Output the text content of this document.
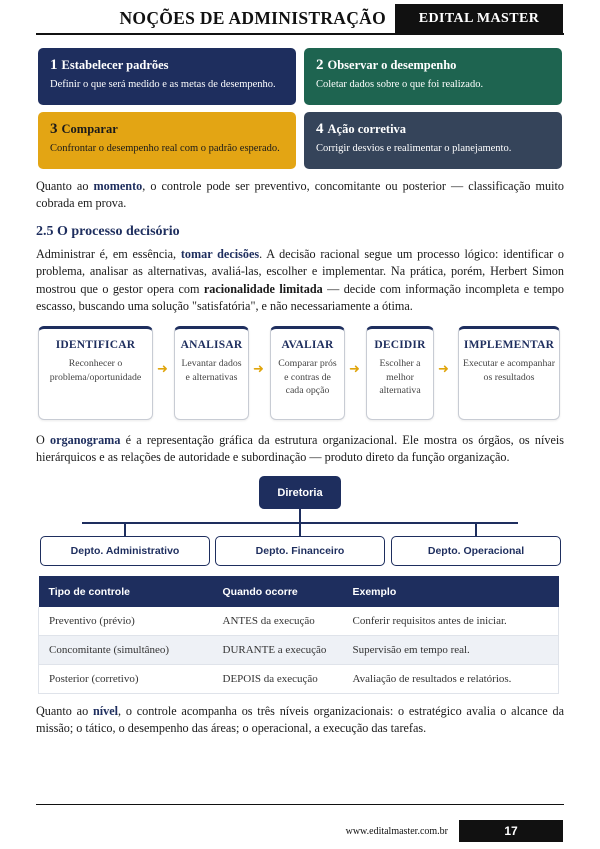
NOÇÕES DE ADMINISTRAÇÃO	EDITAL MASTER
1 Estabelecer padrões
Definir o que será medido e as metas de desempenho.
2 Observar o desempenho
Coletar dados sobre o que foi realizado.
3 Comparar
Confrontar o desempenho real com o padrão esperado.
4 Ação corretiva
Corrigir desvios e realimentar o planejamento.
Quanto ao momento, o controle pode ser preventivo, concomitante ou posterior — classificação muito cobrada em prova.
2.5 O processo decisório
Administrar é, em essência, tomar decisões. A decisão racional segue um processo lógico: identificar o problema, analisar as alternativas, avaliá-las, escolher e implementar. Na prática, porém, Herbert Simon mostrou que o gestor opera com racionalidade limitada — decide com informação incompleta e tempo escasso, buscando uma solução "satisfatória", e não necessariamente a ótima.
IDENTIFICAR
Reconhecer o problema/oportunidade	➜
ANALISAR
Levantar dados e alternativas	➜
AVALIAR
Comparar prós e contras de cada opção
➜
DECIDIR
Escolher a melhor alternativa
➜
IMPLEMENTAR
Executar e acompanhar os resultados
O organograma é a representação gráfica da estrutura organizacional. Ele mostra os órgãos, os níveis hierárquicos e as relações de autoridade e subordinação — produto direto da função organização.
Diretoria
Depto. Administrativo	Depto. Financeiro	Depto. Operacional
Tipo de controle	Quando ocorre	Exemplo
Preventivo (prévio)	ANTES da execução	Conferir requisitos antes de iniciar.
Concomitante (simultâneo)	DURANTE a execução	Supervisão em tempo real.
Posterior (corretivo)	DEPOIS da execução	Avaliação de resultados e relatórios.
Quanto ao nível, o controle acompanha os três níveis organizacionais: o estratégico avalia o alcance da missão; o tático, o desempenho das áreas; o operacional, a execução das tarefas.
www.editalmaster.com.br	17
